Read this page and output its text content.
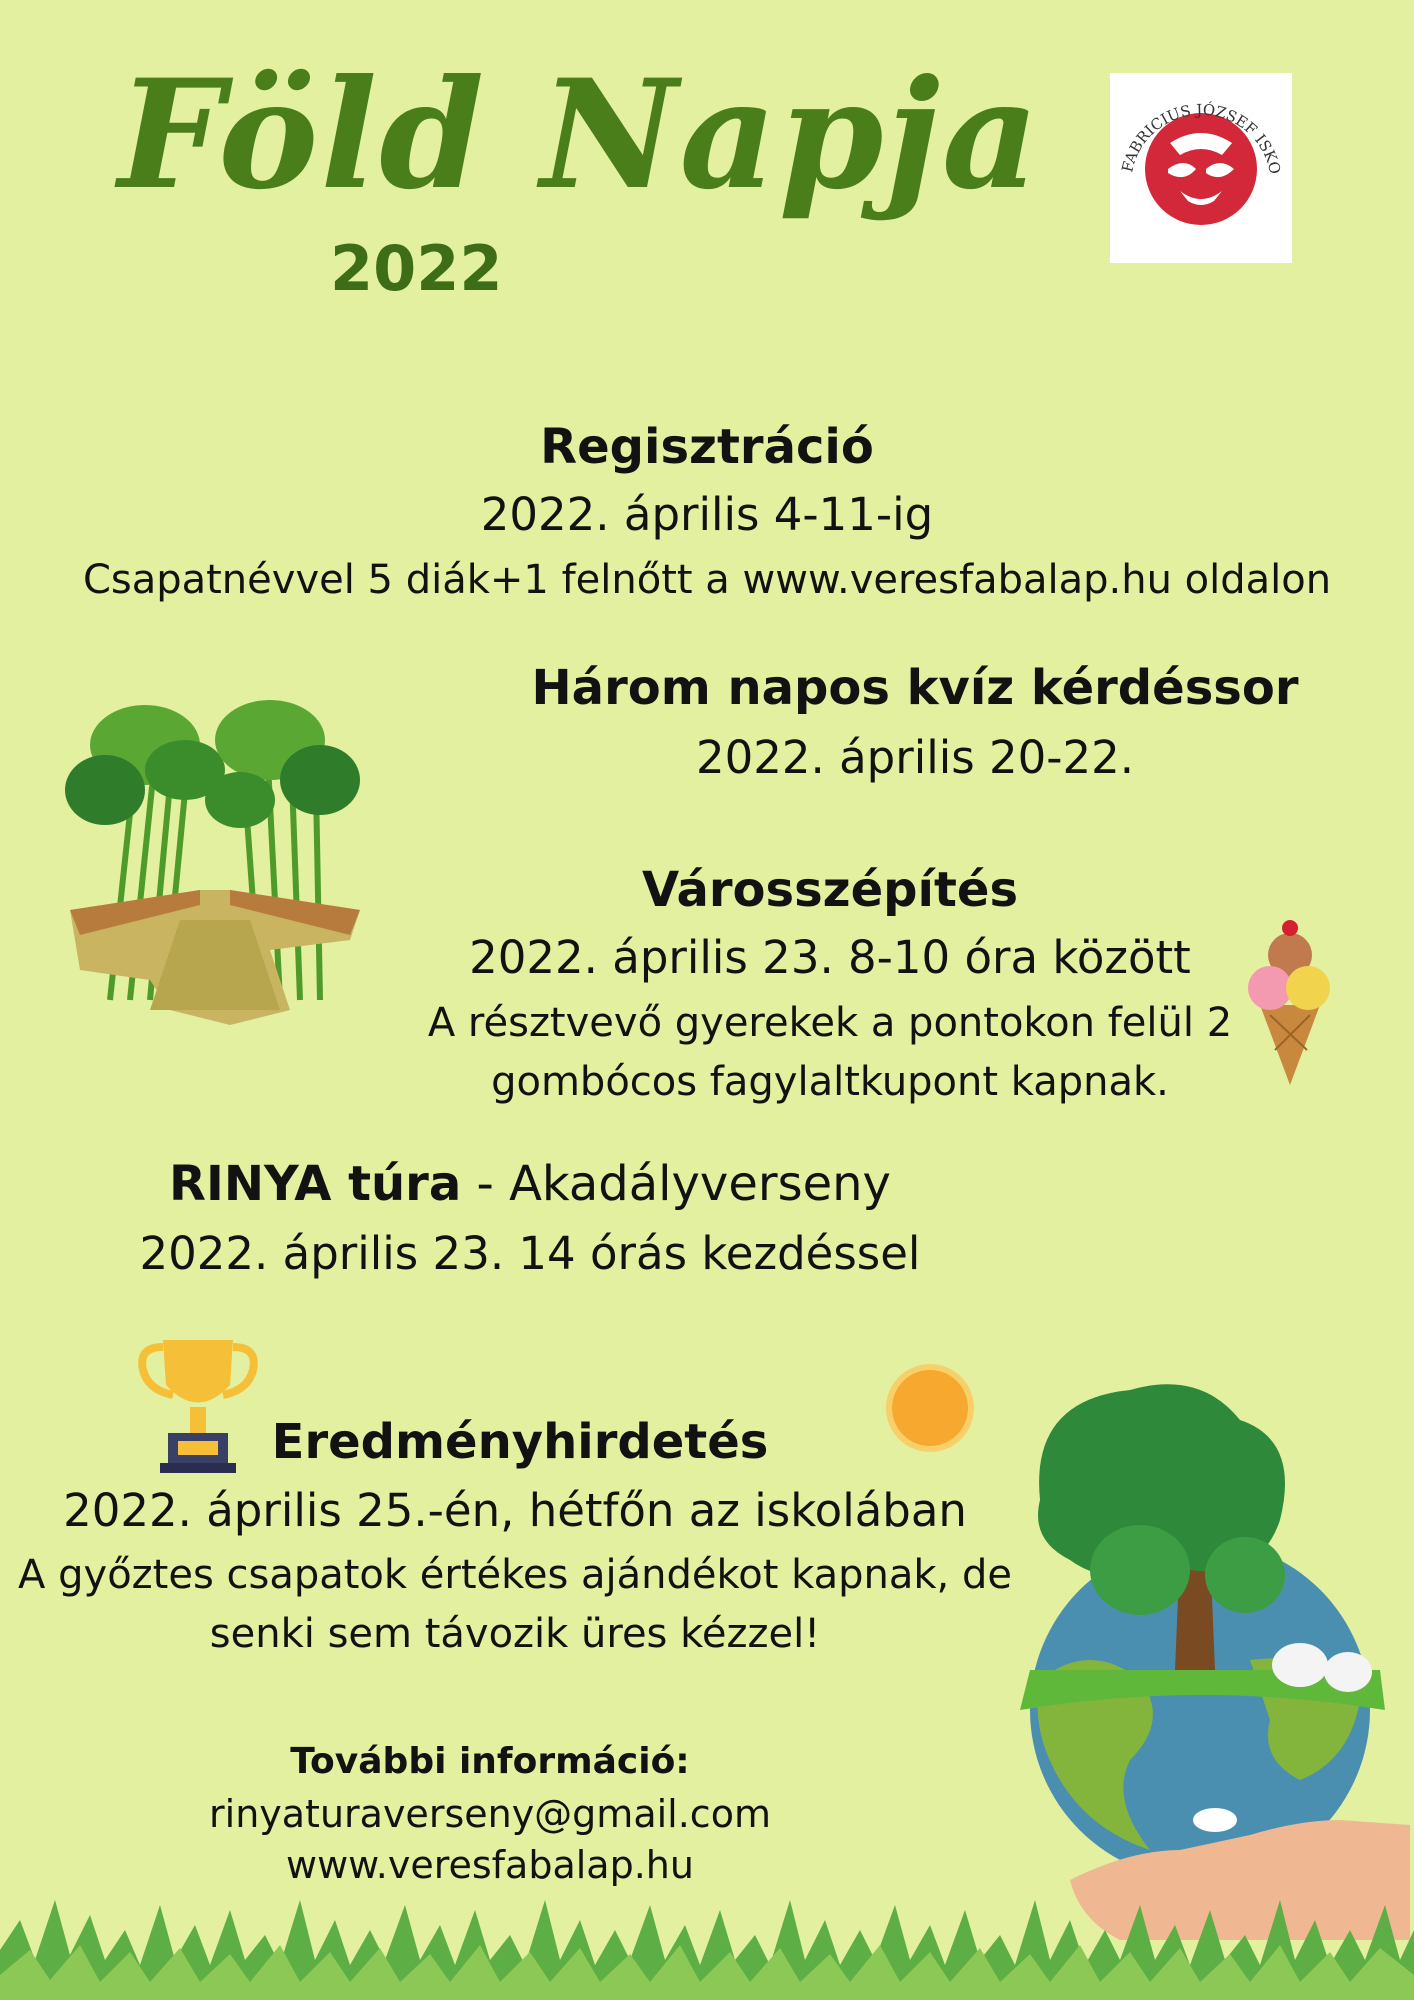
Föld Napja
2022
FABRICIUS JÓZSEF ISKO
Regisztráció
2022. április 4-11-ig
Csapatnévvel 5 diák+1 felnőtt a www.veresfabalap.hu oldalon
Három napos kvíz kérdéssor
2022. április 20-22.
Városszépítés
2022. április 23. 8-10 óra között
A résztvevő gyerekek a pontokon felül 2
gombócos fagylaltkupont kapnak.
RINYA túra - Akadályverseny
2022. április 23. 14 órás kezdéssel
Eredményhirdetés
2022. április 25.-én, hétfőn az iskolában
A győztes csapatok értékes ajándékot kapnak, de
senki sem távozik üres kézzel!
További információ:
rinyaturaverseny@gmail.com
www.veresfabalap.hu
